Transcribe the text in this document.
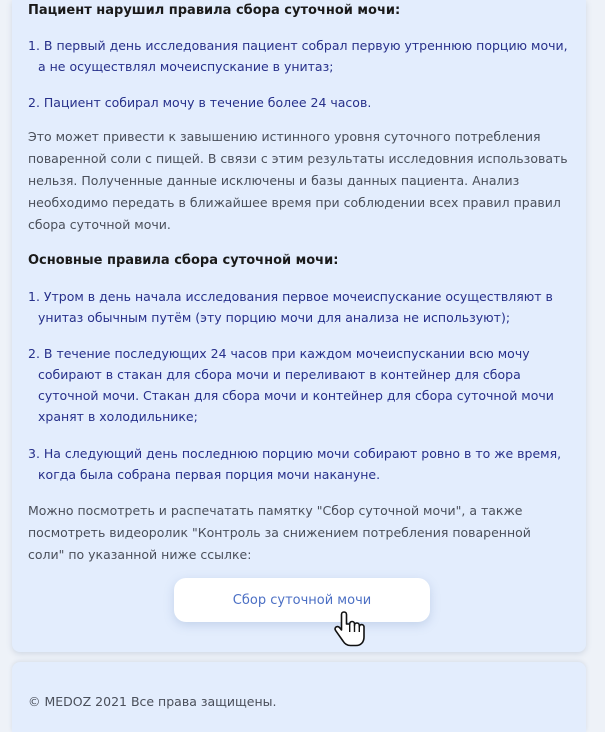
Пациент нарушил правила сбора суточной мочи:

1. В первый день исследования пациент собрал первую утреннюю порцию мочи, а не осуществлял мочеиспускание в унитаз;

2. Пациент собирал мочу в течение более 24 часов.

Это может привести к завышению истинного уровня суточного потребления поваренной соли с пищей. В связи с этим результаты исследовния использовать нельзя. Полученные данные исключены и базы данных пациента. Анализ необходимо передать в ближайшее время при соблюдении всех правил правил сбора суточной мочи.

Основные правила сбора суточной мочи:

1. Утром в день начала исследования первое мочеиспускание осуществляют в унитаз обычным путём (эту порцию мочи для анализа не используют);

2. В течение последующих 24 часов при каждом мочеиспускании всю мочу собирают в стакан для сбора мочи и переливают в контейнер для сбора суточной мочи. Стакан для сбора мочи и контейнер для сбора суточной мочи хранят в холодильнике;

3. На следующий день последнюю порцию мочи собирают ровно в то же время, когда была собрана первая порция мочи накануне.

Можно посмотреть и распечатать памятку "Сбор суточной мочи", а также посмотреть видеоролик "Контроль за снижением потребления поваренной соли" по указанной ниже ссылке:

Сбор суточной мочи
© MEDOZ 2021 Все права защищены.
